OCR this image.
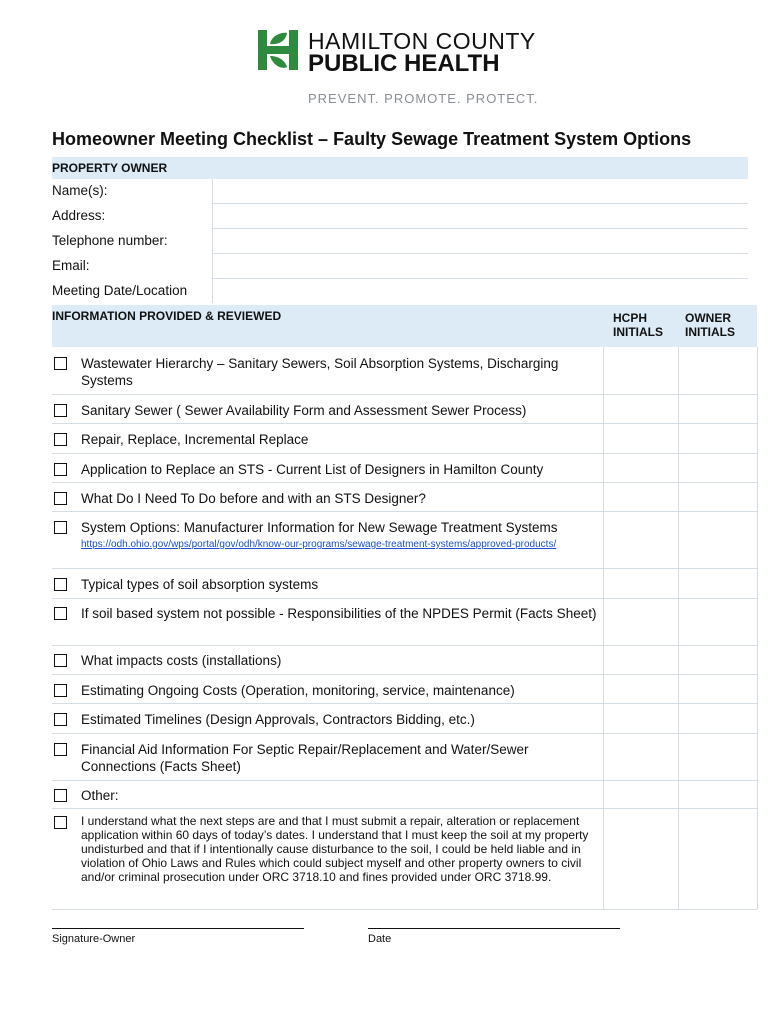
HAMILTON COUNTY
PUBLIC HEALTH
PREVENT. PROMOTE. PROTECT.
Homeowner Meeting Checklist – Faulty Sewage Treatment System Options
PROPERTY OWNER
Name(s):
Address:
Telephone number:
Email:
Meeting Date/Location
INFORMATION PROVIDED & REVIEWED	HCPH INITIALS
OWNER INITIALS
Wastewater Hierarchy – Sanitary Sewers, Soil Absorption Systems, Discharging Systems
Sanitary Sewer ( Sewer Availability Form and Assessment Sewer Process)
Repair, Replace, Incremental Replace
Application to Replace an STS - Current List of Designers in Hamilton County
What Do I Need To Do before and with an STS Designer?
System Options: Manufacturer Information for New Sewage Treatment Systems
https://odh.ohio.gov/wps/portal/gov/odh/know-our-programs/sewage-treatment-systems/approved-products/
Typical types of soil absorption systems
If soil based system not possible - Responsibilities of the NPDES Permit (Facts Sheet)
What impacts costs (installations)
Estimating Ongoing Costs (Operation, monitoring, service, maintenance)
Estimated Timelines (Design Approvals, Contractors Bidding, etc.)
Financial Aid Information For Septic Repair/Replacement and Water/Sewer Connections (Facts Sheet)
Other:
I understand what the next steps are and that I must submit a repair, alteration or replacement application within 60 days of today’s dates. I understand that I must keep the soil at my property undisturbed and that if I intentionally cause disturbance to the soil, I could be held liable and in violation of Ohio Laws and Rules which could subject myself and other property owners to civil and/or criminal prosecution under ORC 3718.10 and fines provided under ORC 3718.99.
Signature-Owner	Date
